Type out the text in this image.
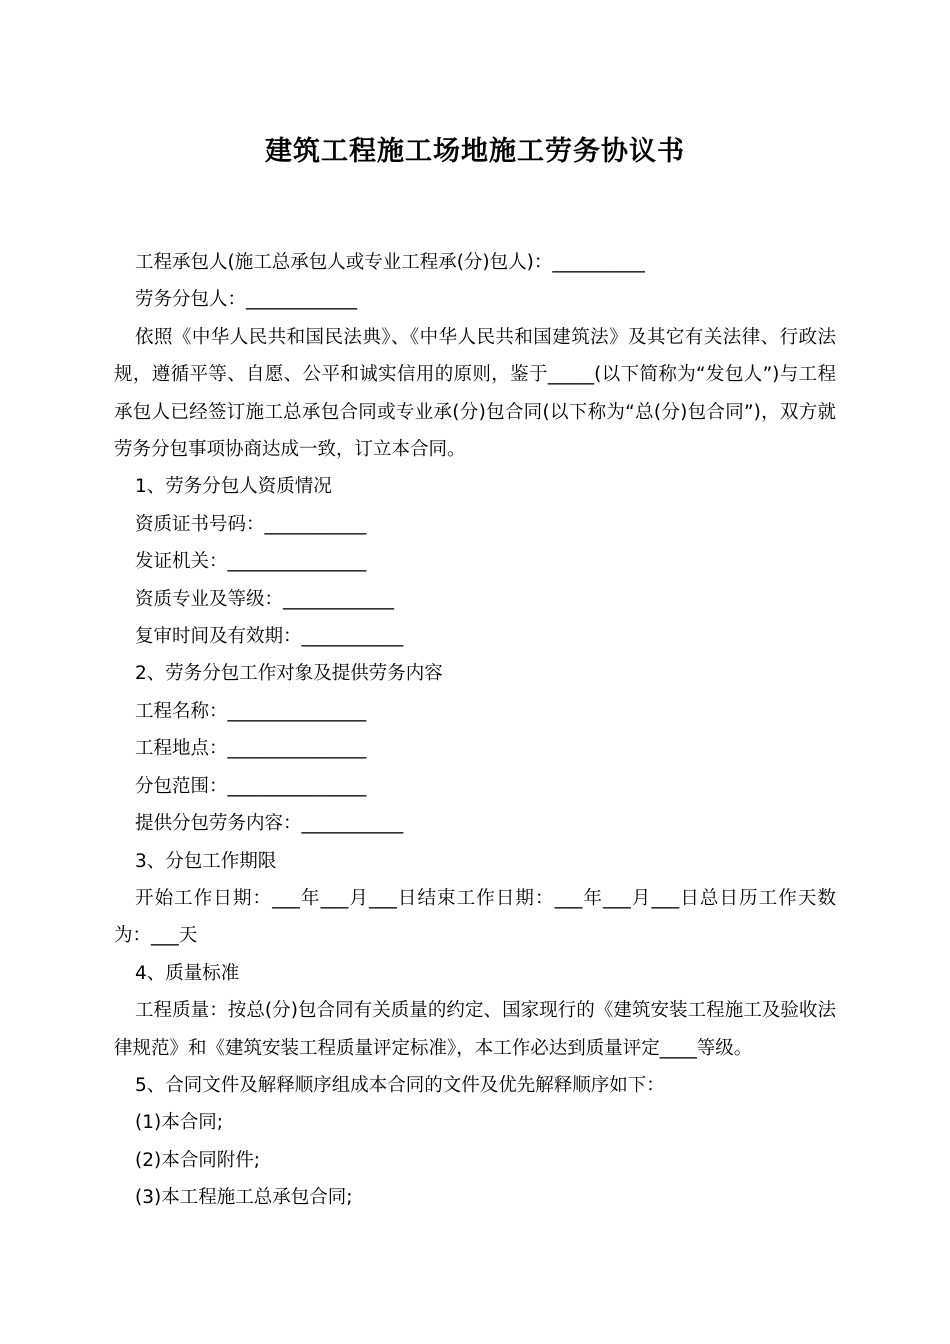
建筑工程施工场地施工劳务协议书

工程承包人(施工总承包人或专业工程承(分)包人)：__________

劳务分包人：____________

依照《中华人民共和国民法典》、《中华人民共和国建筑法》及其它有关法律、行政法规，遵循平等、自愿、公平和诚实信用的原则，鉴于_____(以下简称为“发包人”)与工程承包人已经签订施工总承包合同或专业承(分)包合同(以下称为“总(分)包合同”)，双方就劳务分包事项协商达成一致，订立本合同。

1、劳务分包人资质情况

资质证书号码：___________

发证机关：_______________

资质专业及等级：____________

复审时间及有效期：___________

2、劳务分包工作对象及提供劳务内容

工程名称：_______________

工程地点：_______________

分包范围：_______________

提供分包劳务内容：___________

3、分包工作期限

开始工作日期：___年___月___日结束工作日期：___年___月___日总日历工作天数为：___天

4、质量标准

工程质量：按总(分)包合同有关质量的约定、国家现行的《建筑安装工程施工及验收法律规范》和《建筑安装工程质量评定标准》，本工作必达到质量评定____等级。

5、合同文件及解释顺序组成本合同的文件及优先解释顺序如下：

(1)本合同;

(2)本合同附件;

(3)本工程施工总承包合同;
